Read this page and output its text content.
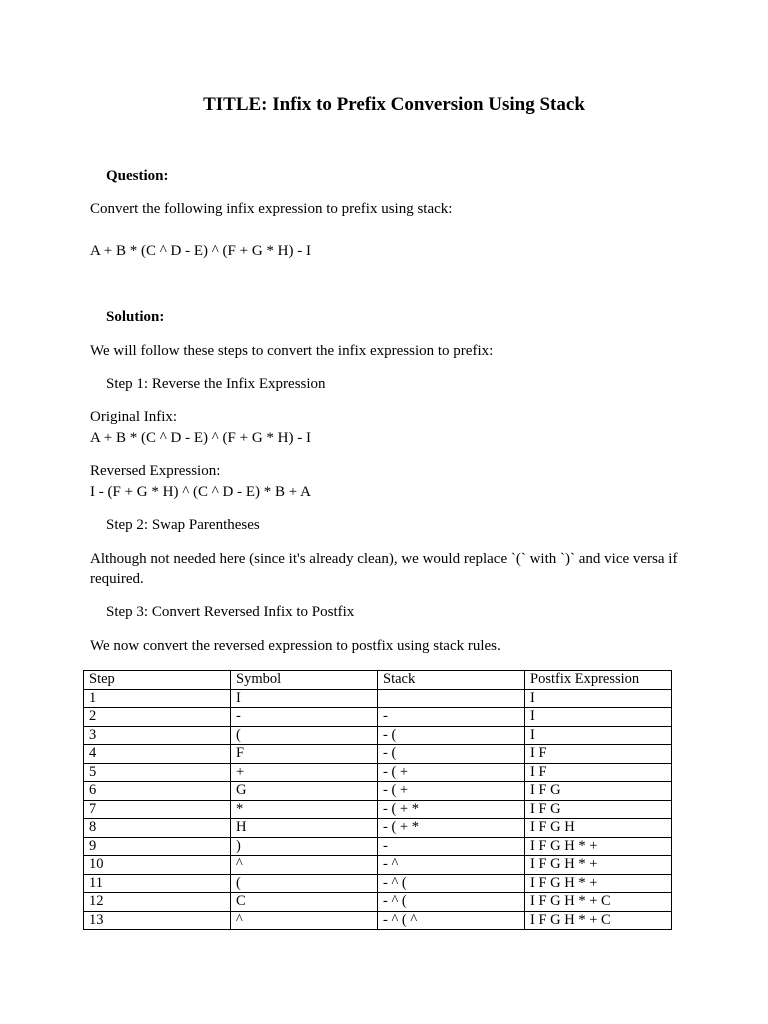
TITLE: Infix to Prefix Conversion Using Stack
Question:
Convert the following infix expression to prefix using stack:
A + B * (C ^ D - E) ^ (F + G * H) - I
Solution:
We will follow these steps to convert the infix expression to prefix:
Step 1: Reverse the Infix Expression
Original Infix:
A + B * (C ^ D - E) ^ (F + G * H) - I
Reversed Expression:
I - (F + G * H) ^ (C ^ D - E) * B + A
Step 2: Swap Parentheses
Although not needed here (since it's already clean), we would replace `(` with `)` and vice versa if required.
Step 3: Convert Reversed Infix to Postfix
We now convert the reversed expression to postfix using stack rules.
Step	Symbol	Stack	Postfix Expression
1	I		I
2	-	-	I
3	(	- (	I
4	F	- (	I F
5	+	- ( +	I F
6	G	- ( +	I F G
7	*	- ( + *	I F G
8	H	- ( + *	I F G H
9	)	-	I F G H * +
10	^	- ^	I F G H * +
11	(	- ^ (	I F G H * +
12	C	- ^ (	I F G H * + C
13	^	- ^ ( ^	I F G H * + C
